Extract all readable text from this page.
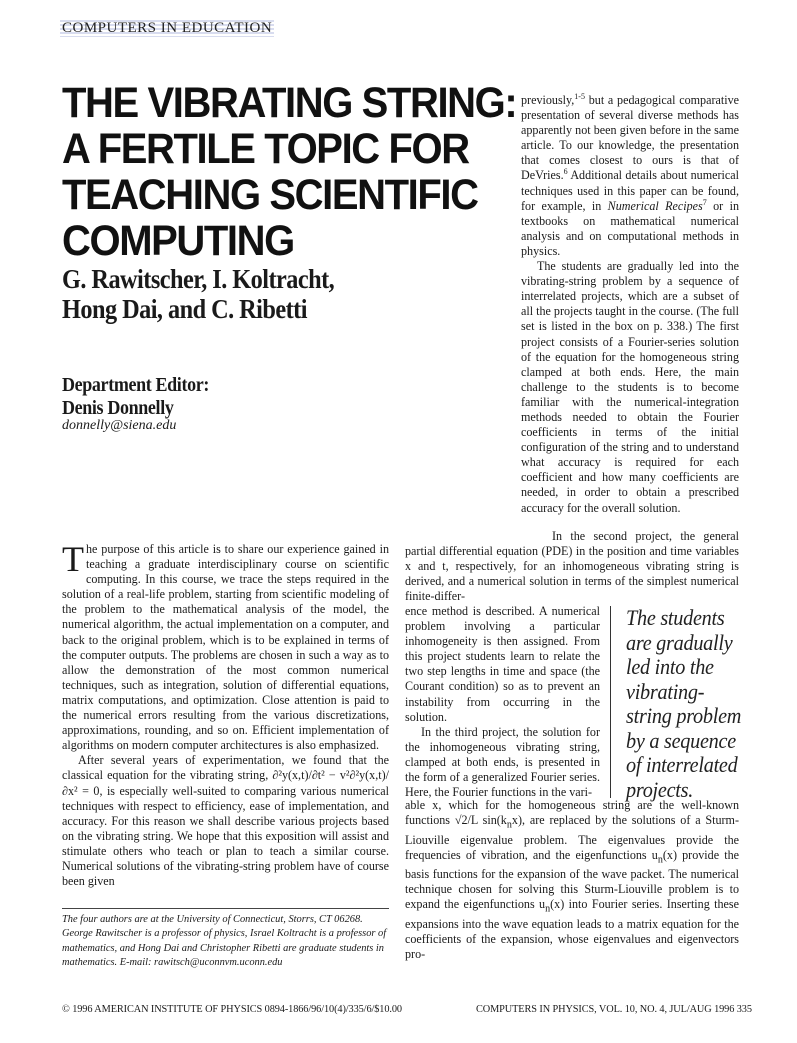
COMPUTERS IN EDUCATION
THE VIBRATING STRING:
A FERTILE TOPIC FOR
TEACHING SCIENTIFIC
COMPUTING
G. Rawitscher, I. Koltracht,
Hong Dai, and C. Ribetti
Department Editor:
Denis Donnelly
donnelly@siena.edu

previously,$^{1-5}$ but a pedagogical comparative presentation of several diverse methods has apparently not been given before in the same article. To our knowledge, the presentation that comes closest to ours is that of DeVries.$^6$ Additional details about numerical techniques used in this paper can be found, for example, in Numerical Recipes$^7$ or in textbooks on mathematical numerical analysis and on computational methods in physics.

The students are gradually led into the vibrating-string problem by a sequence of interrelated projects, which are a subset of all the projects taught in the course. (The full set is listed in the box on p. 338.) The first project consists of a Fourier-series solution of the equation for the homogeneous string clamped at both ends. Here, the main challenge to the students is to become familiar with the numerical-integration methods needed to obtain the Fourier coefficients in terms of the initial configuration of the string and to understand what accuracy is required for each coefficient and how many coefficients are needed, in order to obtain a prescribed accuracy for the overall solution.

In the second project, the general partial differential equation (PDE) in the position and time variables x and t, respectively, for an inhomogeneous vibrating string is derived, and a numerical solution in terms of the simplest numerical finite-differ-

The purpose of this article is to share our experience gained in teaching a graduate interdisciplinary course on scientific computing. In this course, we trace the steps required in the solution of a real-life problem, starting from scientific modeling of the problem to the mathematical analysis of the model, the numerical algorithm, the actual implementation on a computer, and back to the original problem, which is to be explained in terms of the computer outputs. The problems are chosen in such a way as to allow the demonstration of the most common numerical techniques, such as integration, solution of differential equations, matrix computations, and optimization. Close attention is paid to the numerical errors resulting from the various discretizations, approximations, rounding, and so on. Efficient implementation of algorithms on modern computer architectures is also emphasized.

After several years of experimentation, we found that the classical equation for the vibrating string, ∂²y(x,t)/∂t² − v²∂²y(x,t)/∂x² = 0, is especially well-suited to comparing various numerical techniques with respect to efficiency, ease of implementation, and accuracy. For this reason we shall describe various projects based on the vibrating string. We hope that this exposition will assist and stimulate others who teach or plan to teach a similar course. Numerical solutions of the vibrating-string problem have of course been given

ence method is described. A numerical problem involving a particular inhomogeneity is then assigned. From this project students learn to relate the two step lengths in time and space (the Courant condition) so as to prevent an instability from occurring in the solution.

In the third project, the solution for the inhomogeneous vibrating string, clamped at both ends, is presented in the form of a generalized Fourier series. Here, the Fourier functions in the vari-

The students are gradually led into the vibrating-string problem by a sequence of interrelated projects.

able x, which for the homogeneous string are the well-known functions √2/L $\sin(k_nx)$, are replaced by the solutions of a Sturm-Liouville eigenvalue problem. The eigenvalues provide the frequencies of vibration, and the eigenfunctions $u_n(x)$ provide the basis functions for the expansion of the wave packet. The numerical technique chosen for solving this Sturm-Liouville problem is to expand the eigenfunctions $u_n(x)$ into Fourier series. Inserting these expansions into the wave equation leads to a matrix equation for the coefficients of the expansion, whose eigenvalues and eigenvectors pro-

The four authors are at the University of Connecticut, Storrs, CT 06268. George Rawitscher is a professor of physics, Israel Koltracht is a professor of mathematics, and Hong Dai and Christopher Ribetti are graduate students in mathematics. E-mail: rawitsch@uconnvm.uconn.edu
© 1996 AMERICAN INSTITUTE OF PHYSICS 0894-1866/96/10(4)/335/6/$10.00	COMPUTERS IN PHYSICS, VOL. 10, NO. 4, JUL/AUG 1996 335
